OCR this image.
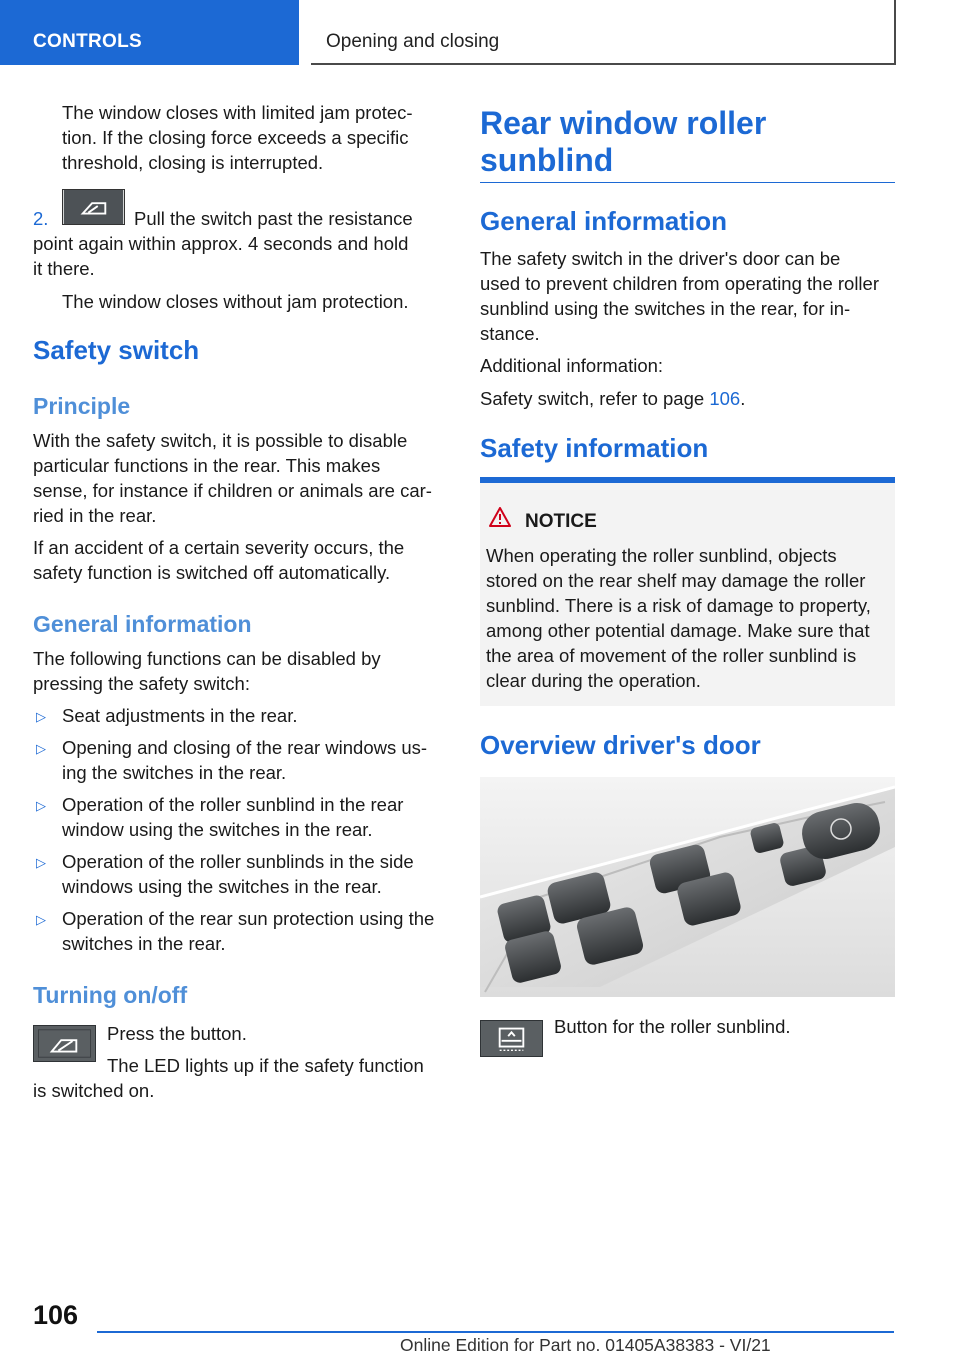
CONTROLS	Opening and closing

The window closes with limited jam protec-

tion. If the closing force exceeds a specific

threshold, closing is interrupted.

2.	Pull the switch past the resistance

point again within approx. 4 seconds and hold

it there.

The window closes without jam protection.
Safety switch
Principle

With the safety switch, it is possible to disable

particular functions in the rear. This makes

sense, for instance if children or animals are car-

ried in the rear.

If an accident of a certain severity occurs, the

safety function is switched off automatically.

General information

The following functions can be disabled by

pressing the safety switch:

▷ Seat adjustments in the rear.

▷ Opening and closing of the rear windows us-

ing the switches in the rear.

▷ Operation of the roller sunblind in the rear

window using the switches in the rear.

▷ Operation of the roller sunblinds in the side

windows using the switches in the rear.

▷ Operation of the rear sun protection using the

switches in the rear.

Turning on/off
Press the button.
The LED lights up if the safety function
is switched on.

Rear window roller

sunblind

General information

The safety switch in the driver's door can be

used to prevent children from operating the roller

sunblind using the switches in the rear, for in-

stance.

Additional information:
Safety switch, refer to page 106.
Safety information
NOTICE

When operating the roller sunblind, objects

stored on the rear shelf may damage the roller

sunblind. There is a risk of damage to property,

among other potential damage. Make sure that

the area of movement of the roller sunblind is

clear during the operation.

Overview driver's door
Button for the roller sunblind.
106
Online Edition for Part no. 01405A38383 - VI/21
